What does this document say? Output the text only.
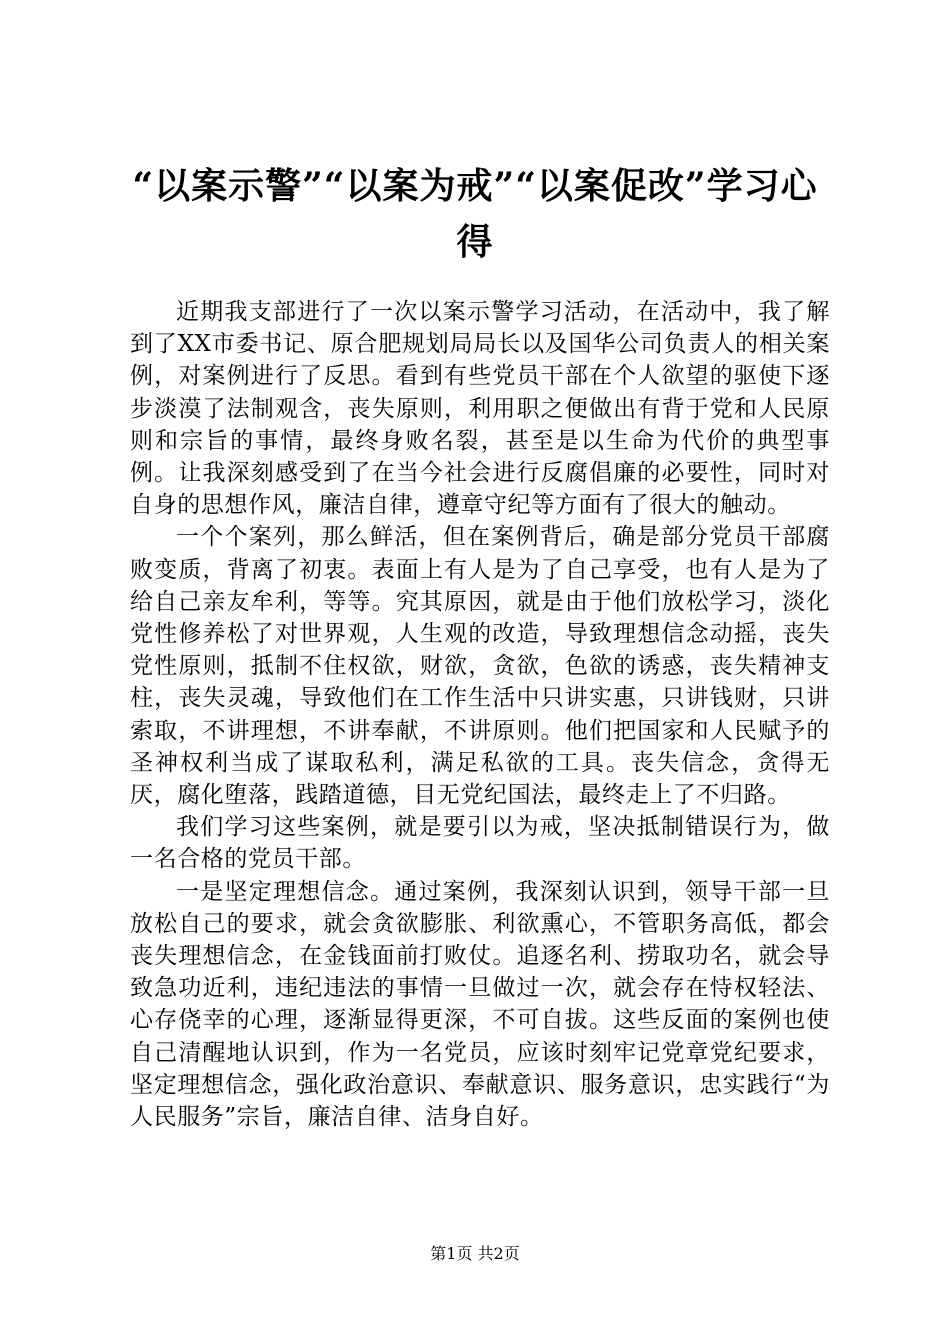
“以案示警”“以案为戒”“以案促改”学习心得

近期我支部进行了一次以案示警学习活动，在活动中，我了解到了XX市委书记、原合肥规划局局长以及国华公司负责人的相关案例，对案例进行了反思。看到有些党员干部在个人欲望的驱使下逐步淡漠了法制观含，丧失原则，利用职之便做出有背于党和人民原则和宗旨的事情，最终身败名裂，甚至是以生命为代价的典型事例。让我深刻感受到了在当今社会进行反腐倡廉的必要性，同时对自身的思想作风，廉洁自律，遵章守纪等方面有了很大的触动。

一个个案列，那么鲜活，但在案例背后，确是部分党员干部腐败变质，背离了初衷。表面上有人是为了自己享受，也有人是为了给自己亲友牟利，等等。究其原因，就是由于他们放松学习，淡化党性修养松了对世界观，人生观的改造，导致理想信念动摇，丧失党性原则，抵制不住权欲，财欲，贪欲，色欲的诱惑，丧失精神支柱，丧失灵魂，导致他们在工作生活中只讲实惠，只讲钱财，只讲索取，不讲理想，不讲奉献，不讲原则。他们把国家和人民赋予的圣神权利当成了谋取私利，满足私欲的工具。丧失信念，贪得无厌，腐化堕落，践踏道德，目无党纪国法，最终走上了不归路。

我们学习这些案例，就是要引以为戒，坚决抵制错误行为，做一名合格的党员干部。

一是坚定理想信念。通过案例，我深刻认识到，领导干部一旦放松自己的要求，就会贪欲膨胀、利欲熏心，不管职务高低，都会丧失理想信念，在金钱面前打败仗。追逐名利、捞取功名，就会导致急功近利，违纪违法的事情一旦做过一次，就会存在恃权轻法、心存侥幸的心理，逐渐显得更深，不可自拔。这些反面的案例也使自己清醒地认识到，作为一名党员，应该时刻牢记党章党纪要求，坚定理想信念，强化政治意识、奉献意识、服务意识，忠实践行“为人民服务”宗旨，廉洁自律、洁身自好。

第1页 共2页
